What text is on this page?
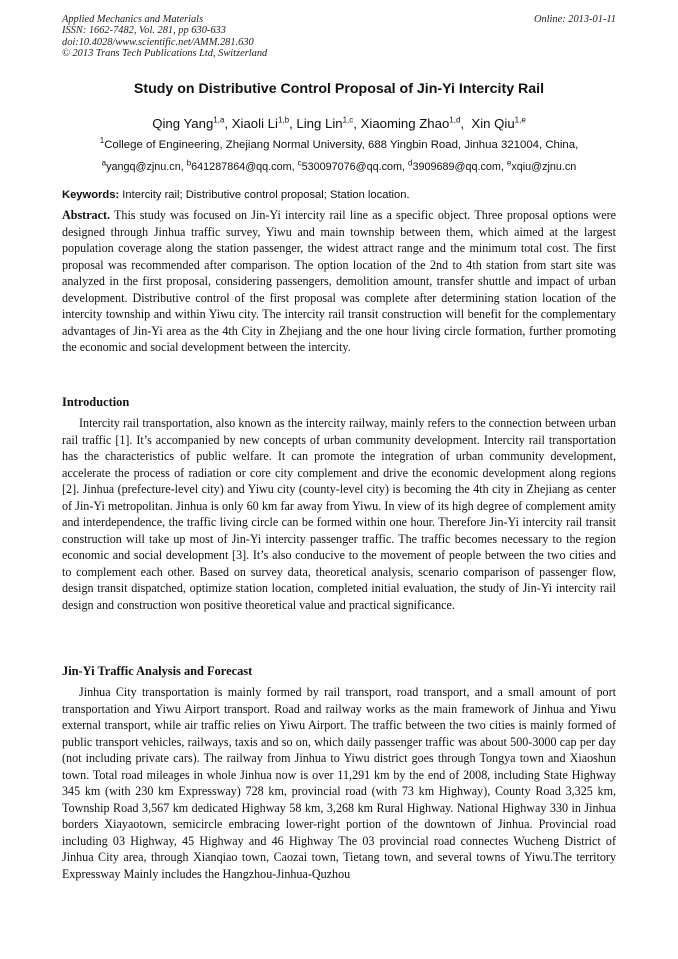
Applied Mechanics and Materials
ISSN: 1662-7482, Vol. 281, pp 630-633
doi:10.4028/www.scientific.net/AMM.281.630
© 2013 Trans Tech Publications Ltd, Switzerland
Online: 2013-01-11
Study on Distributive Control Proposal of Jin-Yi Intercity Rail
Qing Yang$^{1,a}$, Xiaoli Li$^{1,b}$, Ling Lin$^{1,c}$, Xiaoming Zhao$^{1,d}$,  Xin Qiu$^{1,e}$
$^1$College of Engineering, Zhejiang Normal University, 688 Yingbin Road, Jinhua 321004, China,
$^a$yangq@zjnu.cn, $^b$641287864@qq.com, $^c$530097076@qq.com, $^d$3909689@qq.com, $^e$xqiu@zjnu.cn
Keywords: Intercity rail; Distributive control proposal; Station location.

Abstract. This study was focused on Jin-Yi intercity rail line as a specific object. Three proposal options were designed through Jinhua traffic survey, Yiwu and main township between them, which aimed at the largest population coverage along the station passenger, the widest attract range and the minimum total cost. The first proposal was recommended after comparison. The option location of the 2nd to 4th station from start site was analyzed in the first proposal, considering passengers, demolition amount, transfer shuttle and impact of urban development. Distributive control of the first proposal was complete after determining station location of the intercity township and within Yiwu city. The intercity rail transit construction will benefit for the complementary advantages of Jin-Yi area as the 4th City in Zhejiang and the one hour living circle formation, further promoting the economic and social development between the intercity.

Introduction

Intercity rail transportation, also known as the intercity railway, mainly refers to the connection between urban rail traffic [1]. It’s accompanied by new concepts of urban community development. Intercity rail transportation has the characteristics of public welfare. It can promote the integration of urban community development, accelerate the process of radiation or core city complement and drive the economic development along regions [2]. Jinhua (prefecture-level city) and Yiwu city (county-level city) is becoming the 4th city in Zhejiang as center of Jin-Yi metropolitan. Jinhua is only 60 km far away from Yiwu. In view of its high degree of complement amity and interdependence, the traffic living circle can be formed within one hour. Therefore Jin-Yi intercity rail transit construction will take up most of Jin-Yi intercity passenger traffic. The traffic becomes necessary to the region economic and social development [3]. It’s also conducive to the movement of people between the two cities and to complement each other. Based on survey data, theoretical analysis, scenario comparison of passenger flow, design transit dispatched, optimize station location, completed initial evaluation, the study of Jin-Yi intercity rail design and construction won positive theoretical value and practical significance.

Jin-Yi Traffic Analysis and Forecast

Jinhua City transportation is mainly formed by rail transport, road transport, and a small amount of port transportation and Yiwu Airport transport. Road and railway works as the main framework of Jinhua and Yiwu external transport, while air traffic relies on Yiwu Airport. The traffic between the two cities is mainly formed of public transport vehicles, railways, taxis and so on, which daily passenger traffic was about 500-3000 cap per day (not including private cars). The railway from Jinhua to Yiwu district goes through Tongya town and Xiaoshun town. Total road mileages in whole Jinhua now is over 11,291 km by the end of 2008, including State Highway 345 km (with 230 km Expressway) 728 km, provincial road (with 73 km Highway), County Road 3,325 km, Township Road 3,567 km dedicated Highway 58 km, 3,268 km Rural Highway. National Highway 330 in Jinhua borders Xiayaotown, semicircle embracing lower-right portion of the downtown of Jinhua. Provincial road including 03 Highway, 45 Highway and 46 Highway The 03 provincial road connectes Wucheng District of Jinhua City area, through Xianqiao town, Caozai town, Tietang town, and several towns of Yiwu.The territory Expressway Mainly includes the Hangzhou-Jinhua-Quzhou
